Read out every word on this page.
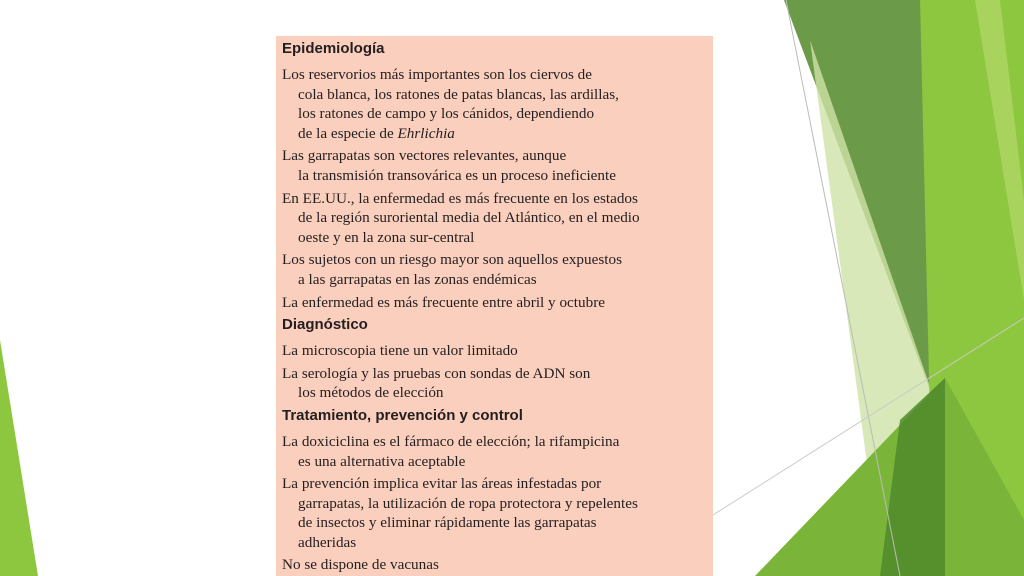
Epidemiología

Los reservorios más importantes son los ciervos de
cola blanca, los ratones de patas blancas, las ardillas,
los ratones de campo y los cánidos, dependiendo
de la especie de Ehrlichia

Las garrapatas son vectores relevantes, aunque
la transmisión transovárica es un proceso ineficiente

En EE.UU., la enfermedad es más frecuente en los estados
de la región suroriental media del Atlántico, en el medio
oeste y en la zona sur-central

Los sujetos con un riesgo mayor son aquellos expuestos
a las garrapatas en las zonas endémicas

La enfermedad es más frecuente entre abril y octubre

Diagnóstico

La microscopia tiene un valor limitado

La serología y las pruebas con sondas de ADN son
los métodos de elección

Tratamiento, prevención y control

La doxiciclina es el fármaco de elección; la rifampicina
es una alternativa aceptable

La prevención implica evitar las áreas infestadas por
garrapatas, la utilización de ropa protectora y repelentes
de insectos y eliminar rápidamente las garrapatas
adheridas

No se dispone de vacunas
